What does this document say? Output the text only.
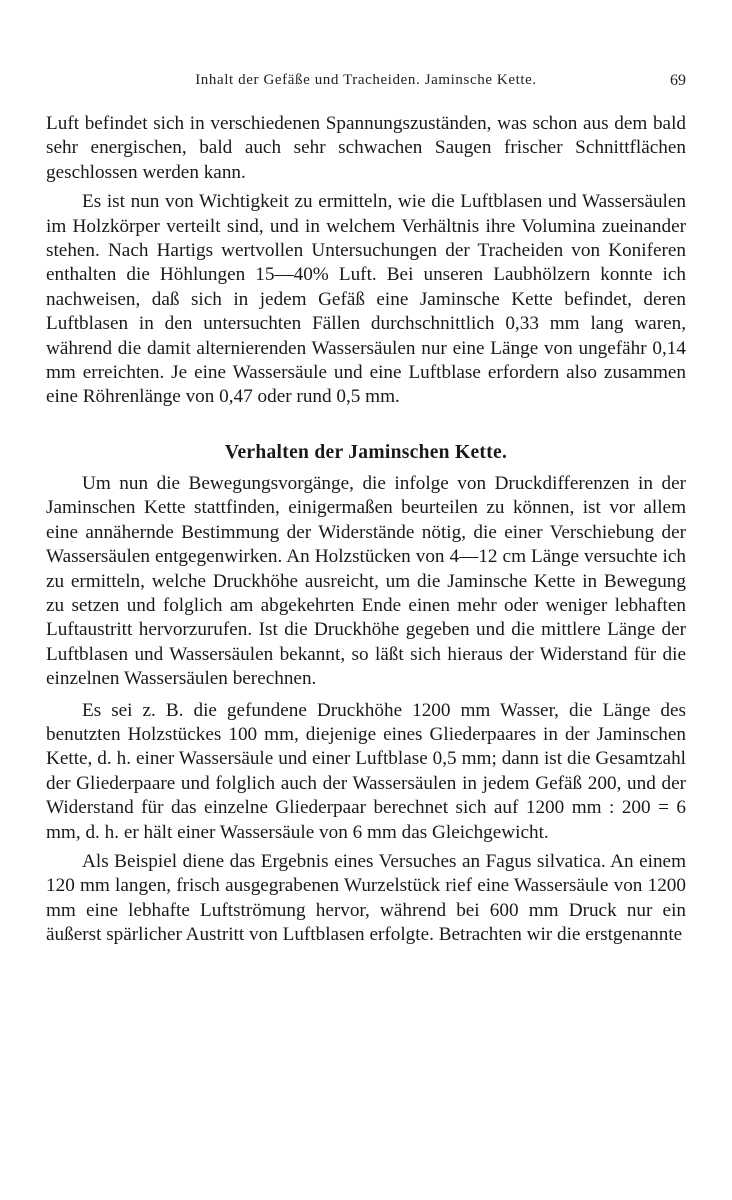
Inhalt der Gefäße und Tracheiden. Jaminsche Kette.	69

Luft befindet sich in verschiedenen Spannungszuständen, was schon aus dem bald sehr energischen, bald auch sehr schwachen Saugen frischer Schnittflächen geschlossen werden kann.

Es ist nun von Wichtigkeit zu ermitteln, wie die Luftblasen und Wassersäulen im Holzkörper verteilt sind, und in welchem Verhältnis ihre Volumina zueinander stehen. Nach Hartigs wertvollen Untersuchungen der Tracheiden von Koniferen enthalten die Höhlungen 15—40% Luft. Bei unseren Laubhölzern konnte ich nachweisen, daß sich in jedem Gefäß eine Jaminsche Kette befindet, deren Luftblasen in den untersuchten Fällen durchschnittlich 0,33 mm lang waren, während die damit alternierenden Wassersäulen nur eine Länge von ungefähr 0,14 mm erreichten. Je eine Wassersäule und eine Luftblase erfordern also zusammen eine Röhrenlänge von 0,47 oder rund 0,5 mm.

Verhalten der Jaminschen Kette.

Um nun die Bewegungsvorgänge, die infolge von Druckdifferenzen in der Jaminschen Kette stattfinden, einigermaßen beurteilen zu können, ist vor allem eine annähernde Bestimmung der Widerstände nötig, die einer Verschiebung der Wassersäulen entgegenwirken. An Holzstücken von 4—12 cm Länge versuchte ich zu ermitteln, welche Druckhöhe ausreicht, um die Jaminsche Kette in Bewegung zu setzen und folglich am abgekehrten Ende einen mehr oder weniger lebhaften Luftaustritt hervorzurufen. Ist die Druckhöhe gegeben und die mittlere Länge der Luftblasen und Wassersäulen bekannt, so läßt sich hieraus der Widerstand für die einzelnen Wassersäulen berechnen.

Es sei z. B. die gefundene Druckhöhe 1200 mm Wasser, die Länge des benutzten Holzstückes 100 mm, diejenige eines Gliederpaares in der Jaminschen Kette, d. h. einer Wassersäule und einer Luftblase 0,5 mm; dann ist die Gesamtzahl der Gliederpaare und folglich auch der Wassersäulen in jedem Gefäß 200, und der Widerstand für das einzelne Gliederpaar berechnet sich auf 1200 mm : 200 = 6 mm, d. h. er hält einer Wassersäule von 6 mm das Gleichgewicht.

Als Beispiel diene das Ergebnis eines Versuches an Fagus silvatica. An einem 120 mm langen, frisch ausgegrabenen Wurzelstück rief eine Wassersäule von 1200 mm eine lebhafte Luftströmung hervor, während bei 600 mm Druck nur ein äußerst spärlicher Austritt von Luftblasen erfolgte. Betrachten wir die erstgenannte
